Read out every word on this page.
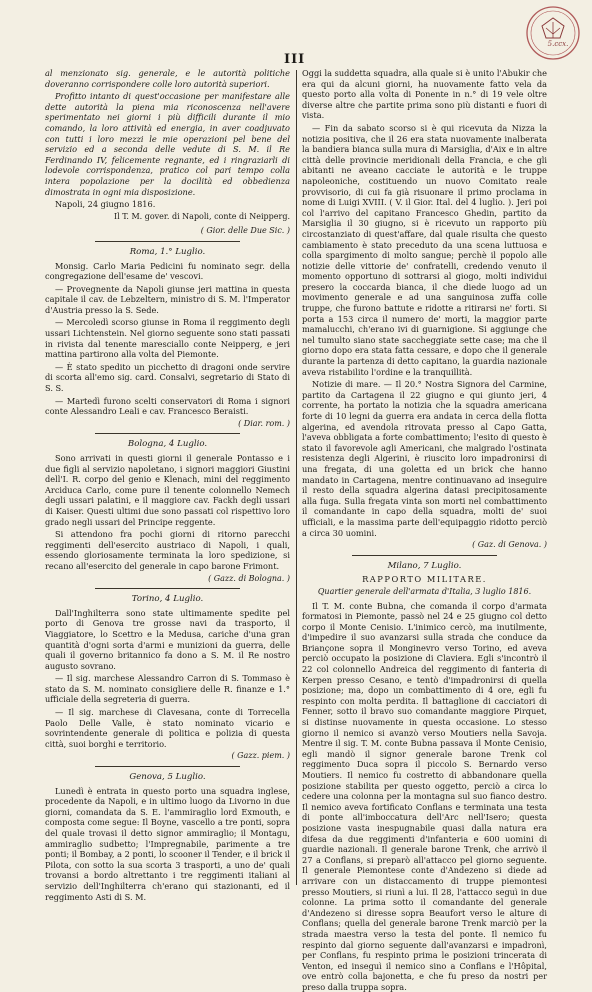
5.ccx.
III

al menzionato sig. generale, e le autorità politiche doveranno corrispondere colle loro autorità superiori.

Profitto intanto di quest'occasione per manifestare alle dette autorità la piena mia riconoscenza nell'avere sperimentato nei giorni i più difficili durante il mio comando, la loro attività ed energia, in aver coadjuvato con tutti i loro mezzi le mie operazioni pel bene del servizio ed a seconda delle vedute di S. M. il Re Ferdinando IV, felicemente regnante, ed i ringraziarli di lodevole corrispondenza, pratico col pari tempo colla intera popolazione per la docilità ed obbedienza dimostrata in ogni mia disposizione.

Napoli, 24 giugno 1816.

Il T. M. gover. di Napoli, conte di Neipperg.
( Gior. delle Due Sic. )
Roma, 1.° Luglio.

Monsig. Carlo Maria Pedicini fu nominato segr. della congregazione dell'esame de' vescovi.

— Provegnente da Napoli giunse jeri mattina in questa capitale il cav. de Lebzeltern, ministro di S. M. l'Imperator d'Austria presso la S. Sede.

— Mercoledì scorso giunse in Roma il reggimento degli ussari Lichtenstein. Nel giorno seguente sono stati passati in rivista dal tenente maresciallo conte Neipperg, e jeri mattina partirono alla volta del Piemonte.

— È stato spedito un picchetto di dragoni onde servire di scorta all'emo sig. card. Consalvi, segretario di Stato di S. S.

— Martedì furono scelti conservatori di Roma i signori conte Alessandro Leali e cav. Francesco Beraisti.

( Diar. rom. )
Bologna, 4 Luglio.

Sono arrivati in questi giorni il generale Pontasso e i due figli al servizio napoletano, i signori maggiori Giustini dell'I. R. corpo del genio e Klenach, mini del reggimento Arciduca Carlo, come pure il tenente colonnello Nemech degli ussari palatini, e il maggiore cav. Fackh degli ussari di Kaiser. Questi ultimi due sono passati col rispettivo loro grado negli ussari del Principe reggente.

Si attendono fra pochi giorni di ritorno parecchi reggimenti dell'esercito austriaco di Napoli, i quali, essendo gloriosamente terminata la loro spedizione, si recano all'esercito del generale in capo barone Frimont.

( Gazz. di Bologna. )
Torino, 4 Luglio.

Dall'Inghilterra sono state ultimamente spedite pel porto di Genova tre grosse navi da trasporto, il Viaggiatore, lo Scettro e la Medusa, cariche d'una gran quantità d'ogni sorta d'armi e munizioni da guerra, delle quali il governo britannico fa dono a S. M. il Re nostro augusto sovrano.

— Il sig. marchese Alessandro Carron di S. Tommaso è stato da S. M. nominato consigliere delle R. finanze e 1.° ufficiale della segreteria di guerra.

— Il sig. marchese di Clavesana, conte di Torrecella Paolo Delle Valle, è stato nominato vicario e sovrintendente generale di politica e polizia di questa città, suoi borghi e territorio.

( Gazz. piem. )
Genova, 5 Luglio.

Lunedì è entrata in questo porto una squadra inglese, procedente da Napoli, e in ultimo luogo da Livorno in due giorni, comandata da S. E. l'ammiraglio lord Exmouth, e composta come segue: Il Boyne, vascello a tre ponti, sopra del quale trovasi il detto signor ammiraglio; il Montagu, ammiraglio sudbetto; l'Impregnabile, parimente a tre ponti; il Bombay, a 2 ponti, lo scooner il Tender, e il brick il Pilota, con sotto la sua scorta 3 trasporti, a uno de' quali trovansi a bordo altrettanto i tre reggimenti italiani al servizio dell'Inghilterra ch'erano qui stazionanti, ed il reggimento Asti di S. M.

Oggi la suddetta squadra, alla quale si è unito l'Abukir che era qui da alcuni giorni, ha nuovamente fatto vela da questo porto alla volta di Ponente in n.° di 19 vele oltre diverse altre che partite prima sono più distanti e fuori di vista.

— Fin da sabato scorso si è qui ricevuta da Nizza la notizia positiva, che il 26 era stata nuovamente inalberata la bandiera bianca sulla mura di Marsiglia, d'Aix e in altre città delle provincie meridionali della Francia, e che gli abitanti ne aveano cacciate le autorità e le truppe napoleoniche, costituendo un nuovo Comitato reale provvisorio, di cui fa già risuonare il primo proclama in nome di Luigi XVIII. ( V. il Gior. Ital. del 4 luglio. ). Jeri poi col l'arrivo del capitano Francesco Ghedin, partito da Marsiglia il 30 giugno, si è ricevuto un rapporto più circostanziato di quest'affare, dal quale risulta che questo cambiamento è stato preceduto da una scena luttuosa e colla spargimento di molto sangue; perchè il popolo alle notizie delle vittorie de' confratelli, credendo venuto il momento opportuno di sottrarsi al giogo, molti individui presero la coccarda bianca, il che diede luogo ad un movimento generale e ad una sanguinosa zuffa colle truppe, che furono battute e ridotte a ritirarsi ne' forti. Si porta a 153 circa il numero de' morti, la maggior parte mamalucchi, ch'erano ivi di guarnigione. Si aggiunge che nel tumulto siano state saccheggiate sette case; ma che il giorno dopo era stata fatta cessare, e dopo che il generale durante la partenza di detto capitano, la guardia nazionale aveva ristabilito l'ordine e la tranquillità.

Notizie di mare. — Il 20.° Nostra Signora del Carmine, partito da Cartagena il 22 giugno e qui giunto jeri, 4 corrente, ha portato la notizia che la squadra americana forte di 10 legni da guerra era andata in cerca della flotta algerina, ed avendola ritrovata presso al Capo Gatta, l'aveva obbligata a forte combattimento; l'esito di questo è stato il favorevole agli Americani, che malgrado l'ostinata resistenza degli Algerini, è riuscito loro impadronirsi di una fregata, di una goletta ed un brick che hanno mandato in Cartagena, mentre continuavano ad inseguire il resto della squadra algerina datasi precipitosamente alla fuga. Sulla fregata vinta son morti nel combattimento il comandante in capo della squadra, molti de' suoi ufficiali, e la massima parte dell'equipaggio ridotto perciò a circa 30 uomini.

( Gaz. di Genova. )
Milano, 7 Luglio.
RAPPORTO MILITARE.
Quartier generale dell'armata d'Italia, 3 luglio 1816.

Il T. M. conte Bubna, che comanda il corpo d'armata formatosi in Piemonte, passò nel 24 e 25 giugno col detto corpo il Monte Cenisio. L'inimico cercò, ma inutilmente, d'impedire il suo avanzarsi sulla strada che conduce da Briançone sopra il Monginevro verso Torino, ed aveva perciò occupato la posizione di Claviera. Egli s'incontrò il 22 col colonnello Andreica del reggimento di fanteria di Kerpen presso Cesano, e tentò d'impadronirsi di quella posizione; ma, dopo un combattimento di 4 ore, egli fu respinto con molta perdita. Il battaglione di cacciatori di Fenner, sotto il bravo suo comandante maggiore Pirquet, si distinse nuovamente in questa occasione. Lo stesso giorno il nemico si avanzò verso Moutiers nella Savoja. Mentre il sig. T. M. conte Bubna passava il Monte Cenisio, egli mandò il signor generale barone Trenk col reggimento Duca sopra il piccolo S. Bernardo verso Moutiers. Il nemico fu costretto di abbandonare quella posizione stabilita per questo oggetto, perciò a circa lo cedere una colonna per la montagna sul suo fianco destro. Il nemico aveva fortificato Conflans e terminata una testa di ponte all'imboccatura dell'Arc nell'Isero; questa posizione vasta inespugnabile quasi dalla natura era difesa da due reggimenti d'infanteria e 600 uomini di guardie nazionali. Il generale barone Trenk, che arrivò il 27 a Conflans, si preparò all'attacco pel giorno seguente. Il generale Piemontese conte d'Andezeno si diede ad arrivare con un distaccamento di truppe piemontesi presso Moutiers, si riunì a lui. Il 28, l'attacco seguì in due colonne. La prima sotto il comandante del generale d'Andezeno si diresse sopra Beaufort verso le alture di Conflans; quella del generale barone Trenk marciò per la strada maestra verso la testa del ponte. Il nemico fu respinto dal giorno seguente dall'avanzarsi e impadronì, per Conflans, fu respinto prima le posizioni trincerata di Venton, ed inseguì il nemico sino a Conflans e l'Hôpital, ove entrò colla bajonetta, e che fu preso da nostri per preso dalla truppa sopra.
